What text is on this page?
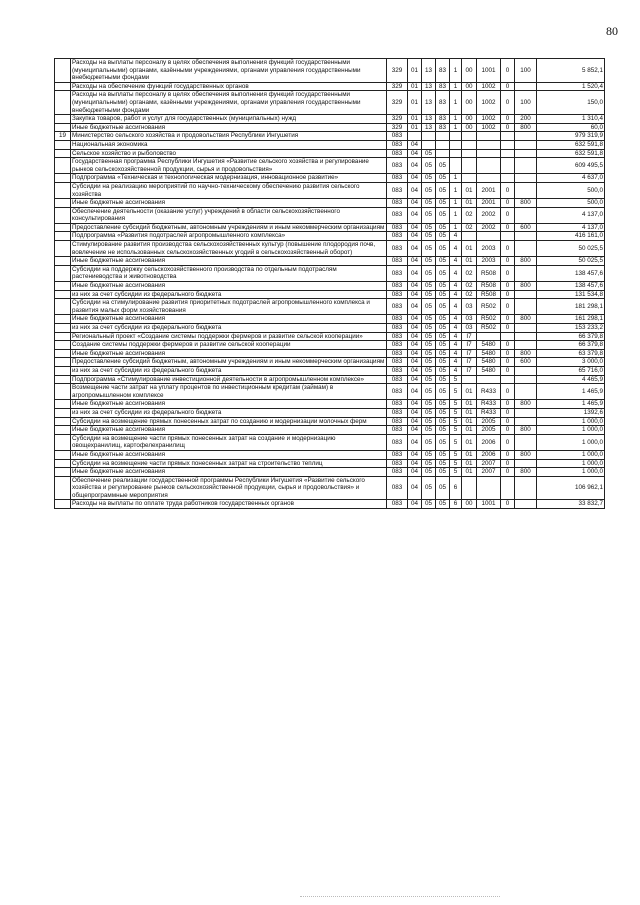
80
	Расходы на выплаты персоналу в целях обеспечения выполнения функций государственными (муниципальными) органами, казёнными учреждениями, органами управления государственными внебюджетными фондами	329	01	13	83	1	00	1001	0	100	5 852,1
	Расходы на обеспечение функций государственных органов	329	01	13	83	1	00	1002	0		1 520,4
	Расходы на выплаты персоналу в целях обеспечения выполнения функций государственными (муниципальными) органами, казёнными учреждениями, органами управления государственными внебюджетными фондами	329	01	13	83	1	00	1002	0	100	150,0
	Закупка товаров, работ и услуг для государственных (муниципальных) нужд	329	01	13	83	1	00	1002	0	200	1 310,4
	Иные бюджетные ассигнования	329	01	13	83	1	00	1002	0	800	60,0
19	Министерство сельского хозяйства и продовольствия Республики Ингушетия	083									979 319,9
	Национальная экономика	083	04								632 591,8
	Сельское хозяйство и рыболовство	083	04	05							632 591,8
	Государственная программа Республики Ингушетия «Развитие сельского хозяйства и регулирование рынков сельскохозяйственной продукции, сырья и продовольствия»	083	04	05	05						609 495,5
	Подпрограмма «Техническая и технологическая модернизация, инновационное развитие»	083	04	05	05	1					4 637,0
	Субсидии на реализацию мероприятий по научно-техническому обеспечению развития сельского хозяйства	083	04	05	05	1	01	2001	0		500,0
	Иные бюджетные ассигнования	083	04	05	05	1	01	2001	0	800	500,0
	Обеспечение деятельности (оказание услуг) учреждений в области сельскохозяйственного консультирования	083	04	05	05	1	02	2002	0		4 137,0
	Предоставление субсидий бюджетным, автономным учреждениям и иным некоммерческим организациям	083	04	05	05	1	02	2002	0	600	4 137,0
	Подпрограмма «Развития подотраслей агропромышленного комплекса»	083	04	05	05	4					416 161,0
	Стимулирование развития производства сельскохозяйственных культур (повышение плодородия почв, вовлечение не использованных сельскохозяйственных угодий в сельскохозяйственный оборот)	083	04	05	05	4	01	2003	0		50 025,5
	Иные бюджетные ассигнования	083	04	05	05	4	01	2003	0	800	50 025,5
	Субсидии на поддержку сельскохозяйственного производства по отдельным подотраслям растениеводства и животноводства	083	04	05	05	4	02	R508	0		138 457,6
	Иные бюджетные ассигнования	083	04	05	05	4	02	R508	0	800	138 457,6
	из них за счет субсидии из федерального бюджета	083	04	05	05	4	02	R508	0		131 534,8
	Субсидии на стимулирование развития приоритетных подотраслей агропромышленного комплекса и развития малых форм хозяйствования	083	04	05	05	4	03	R502	0		181 298,1
	Иные бюджетные ассигнования	083	04	05	05	4	03	R502	0	800	161 298,1
	из них за счет субсидии из федерального бюджета	083	04	05	05	4	03	R502	0		153 233,2
	Региональный проект «Создание системы поддержки фермеров и развитие сельской кооперации»	083	04	05	05	4	I7				66 379,8
	Создание системы поддержки фермеров и развитие сельской кооперации	083	04	05	05	4	I7	5480	0		66 379,8
	Иные бюджетные ассигнования	083	04	05	05	4	I7	5480	0	800	63 379,8
	Предоставление субсидий бюджетным, автономным учреждениям и иным некоммерческим организациям	083	04	05	05	4	I7	5480	0	600	3 000,0
	из них за счет субсидии из федерального бюджета	083	04	05	05	4	I7	5480	0		65 716,0
	Подпрограмма «Стимулирование инвестиционной деятельности в агропромышленном комплексе»	083	04	05	05	5					4 465,9
	Возмещение части затрат на уплату процентов по инвестиционным кредитам (займам) в агропромышленном комплексе	083	04	05	05	5	01	R433	0		1 465,9
	Иные бюджетные ассигнования	083	04	05	05	5	01	R433	0	800	1 465,9
	из них за счет субсидии из федерального бюджета	083	04	05	05	5	01	R433	0		1392,6
	Субсидии на возмещение прямых понесенных затрат по созданию и модернизации молочных ферм	083	04	05	05	5	01	2005	0		1 000,0
	Иные бюджетные ассигнования	083	04	05	05	5	01	2005	0	800	1 000,0
	Субсидии на возмещение части прямых понесенных затрат на создание и модернизацию овощехранилищ, картофелехранилищ	083	04	05	05	5	01	2006	0		1 000,0
	Иные бюджетные ассигнования	083	04	05	05	5	01	2006	0	800	1 000,0
	Субсидии на возмещение части прямых понесенных затрат на строительство теплиц	083	04	05	05	5	01	2007	0		1 000,0
	Иные бюджетные ассигнования	083	04	05	05	5	01	2007	0	800	1 000,0
	Обеспечение реализации государственной программы Республики Ингушетия «Развитие сельского хозяйства и регулирование рынков сельскохозяйственной продукции, сырья и продовольствия» и общепрограммные мероприятия	083	04	05	05	6					106 962,1
	Расходы на выплаты по оплате труда работников государственных органов	083	04	05	05	6	00	1001	0		33 832,7
